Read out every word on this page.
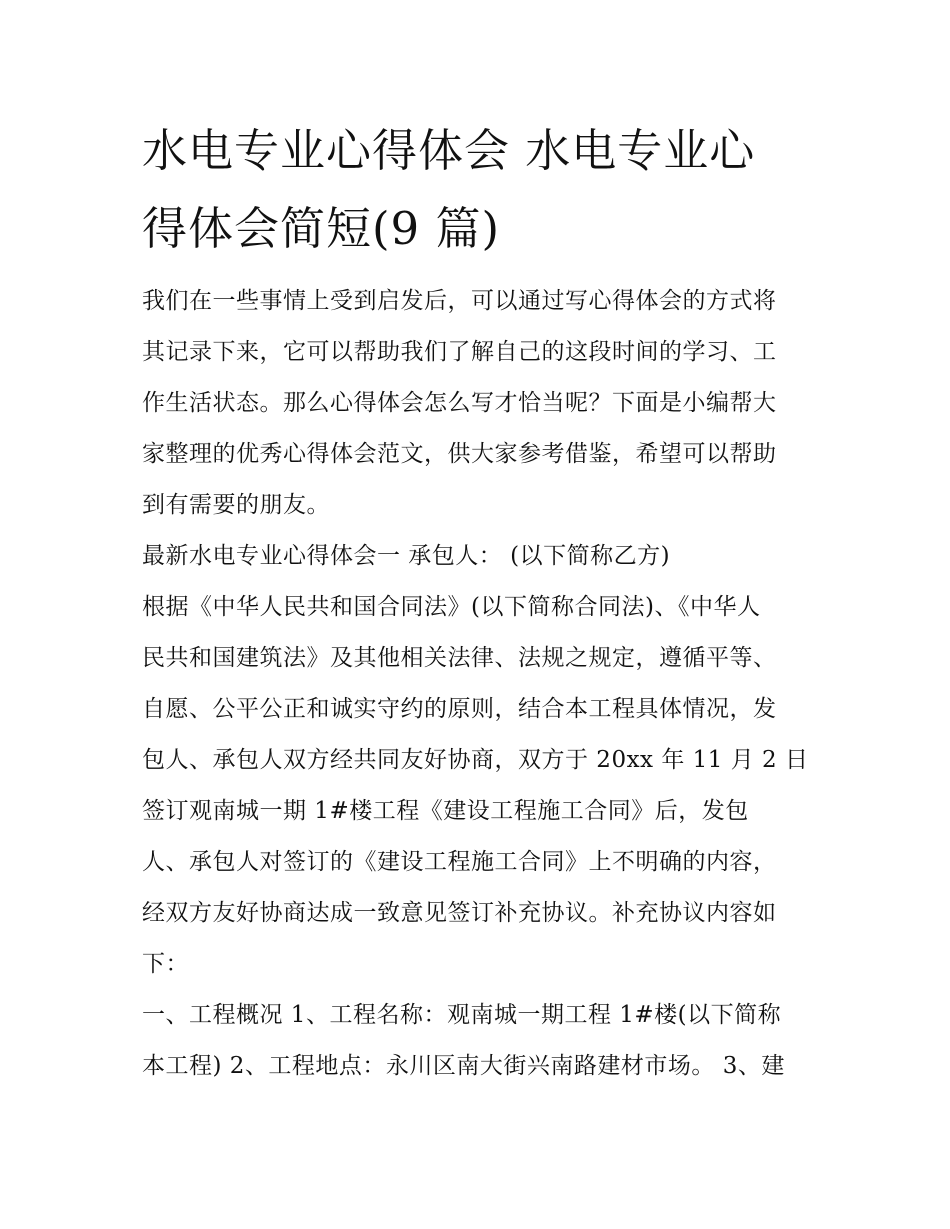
水电专业心得体会 水电专业心
得体会简短(9 篇)
我们在一些事情上受到启发后，可以通过写心得体会的方式将
其记录下来，它可以帮助我们了解自己的这段时间的学习、工
作生活状态。那么心得体会怎么写才恰当呢？下面是小编帮大
家整理的优秀心得体会范文，供大家参考借鉴，希望可以帮助
到有需要的朋友。
最新水电专业心得体会一 承包人： (以下简称乙方)
根据《中华人民共和国合同法》(以下简称合同法)、《中华人
民共和国建筑法》及其他相关法律、法规之规定，遵循平等、
自愿、公平公正和诚实守约的原则，结合本工程具体情况，发
包人、承包人双方经共同友好协商，双方于 20xx 年 11 月 2 日
签订观南城一期 1#楼工程《建设工程施工合同》后，发包
人、承包人对签订的《建设工程施工合同》上不明确的内容，
经双方友好协商达成一致意见签订补充协议。补充协议内容如
下：
一、工程概况 1、工程名称：观南城一期工程 1#楼(以下简称
本工程) 2、工程地点：永川区南大街兴南路建材市场。 3、建
